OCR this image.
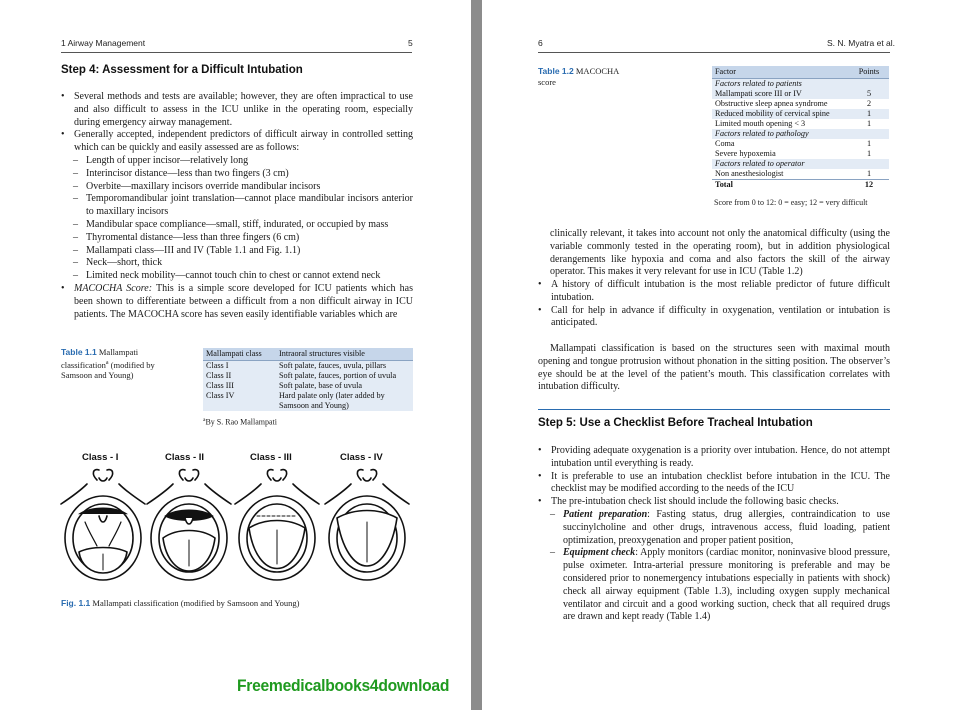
1 Airway Management	5
Step 4: Assessment for a Difficult Intubation
• Several methods and tests are available; however, they are often impractical to use and also difficult to assess in the ICU unlike in the operating room, especially during emergency airway management.
• Generally accepted, independent predictors of difficult airway in controlled setting which can be quickly and easily assessed are as follows:
– Length of upper incisor—relatively long
– Interincisor distance—less than two fingers (3 cm)
– Overbite—maxillary incisors override mandibular incisors
– Temporomandibular joint translation—cannot place mandibular incisors anterior to maxillary incisors
– Mandibular space compliance—small, stiff, indurated, or occupied by mass
– Thyromental distance—less than three fingers (6 cm)
– Mallampati class—III and IV (Table 1.1 and Fig. 1.1)
– Neck—short, thick
– Limited neck mobility—cannot touch chin to chest or cannot extend neck
• MACOCHA Score: This is a simple score developed for ICU patients which has been shown to differentiate between a difficult from a non difficult airway in ICU patients. The MACOCHA score has seven easily identifiable variables which are
Table 1.1 Mallampati
classification$^a$ (modified by
Samsoon and Young)
Mallampati class	Intraoral structures visible
Class I	Soft palate, fauces, uvula, pillars
Class II	Soft palate, fauces, portion of uvula
Class III	Soft palate, base of uvula
Class IV	Hard palate only (later added by Samsoon and Young)
$^a$By S. Rao Mallampati
Class - I	Class - II	Class - III	Class - IV
Fig. 1.1 Mallampati classification (modified by Samsoon and Young)
Freemedicalbooks4download
6	S. N. Myatra et al.
Table 1.2 MACOCHA
score
Factor	Points
Factors related to patients	
Mallampati score III or IV	5
Obstructive sleep apnea syndrome	2
Reduced mobility of cervical spine	1
Limited mouth opening < 3	1
Factors related to pathology	
Coma	1
Severe hypoxemia	1
Factors related to operator	
Non anesthesiologist	1
Total	12
Score from 0 to 12: 0 = easy; 12 = very difficult

clinically relevant, it takes into account not only the anatomical difficulty (using the variable commonly tested in the operating room), but in addition physiological derangements like hypoxia and coma and also factors the skill of the airway operator. This makes it very relevant for use in ICU (Table 1.2)

• A history of difficult intubation is the most reliable predictor of future difficult intubation.
• Call for help in advance if difficulty in oxygenation, ventilation or intubation is anticipated.

Mallampati classification is based on the structures seen with maximal mouth opening and tongue protrusion without phonation in the sitting position. The observer’s eye should be at the level of the patient’s mouth. This classification correlates with intubation difficulty.

Step 5: Use a Checklist Before Tracheal Intubation
• Providing adequate oxygenation is a priority over intubation. Hence, do not attempt intubation until everything is ready.
• It is preferable to use an intubation checklist before intubation in the ICU. The checklist may be modified according to the needs of the ICU
• The pre-intubation check list should include the following basic checks.
– Patient preparation: Fasting status, drug allergies, contraindication to use succinylcholine and other drugs, intravenous access, fluid loading, patient optimization, preoxygenation and proper patient position,
– Equipment check: Apply monitors (cardiac monitor, noninvasive blood pressure, pulse oximeter. Intra-arterial pressure monitoring is preferable and may be considered prior to nonemergency intubations especially in patients with shock) check all airway equipment (Table 1.3), including oxygen supply mechanical ventilator and circuit and a good working suction, check that all required drugs are drawn and kept ready (Table 1.4)
